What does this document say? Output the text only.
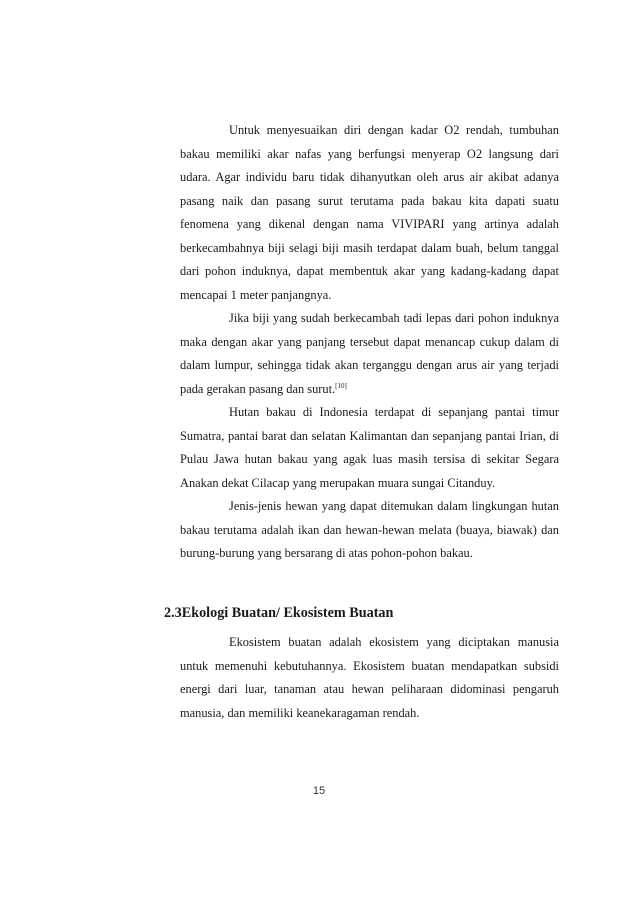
Untuk menyesuaikan diri dengan kadar O2 rendah, tumbuhan bakau memiliki akar nafas yang berfungsi menyerap O2 langsung dari udara. Agar individu baru tidak dihanyutkan oleh arus air akibat adanya pasang naik dan pasang surut terutama pada bakau kita dapati suatu fenomena yang dikenal dengan nama VIVIPARI yang artinya adalah berkecambahnya biji selagi biji masih terdapat dalam buah, belum tanggal dari pohon induknya, dapat membentuk akar yang kadang-kadang dapat mencapai 1 meter panjangnya.

Jika biji yang sudah berkecambah tadi lepas dari pohon induknya maka dengan akar yang panjang tersebut dapat menancap cukup dalam di dalam lumpur, sehingga tidak akan terganggu dengan arus air yang terjadi pada gerakan pasang dan surut.[10]

Hutan bakau di Indonesia terdapat di sepanjang pantai timur Sumatra, pantai barat dan selatan Kalimantan dan sepanjang pantai Irian, di Pulau Jawa hutan bakau yang agak luas masih tersisa di sekitar Segara Anakan dekat Cilacap yang merupakan muara sungai Citanduy.

Jenis-jenis hewan yang dapat ditemukan dalam lingkungan hutan bakau terutama adalah ikan dan hewan-hewan melata (buaya, biawak) dan burung-burung yang bersarang di atas pohon-pohon bakau.

2.3Ekologi Buatan/ Ekosistem Buatan

Ekosistem buatan adalah ekosistem yang diciptakan manusia untuk memenuhi kebutuhannya. Ekosistem buatan mendapatkan subsidi energi dari luar, tanaman atau hewan peliharaan didominasi pengaruh manusia, dan memiliki keanekaragaman rendah.

15
